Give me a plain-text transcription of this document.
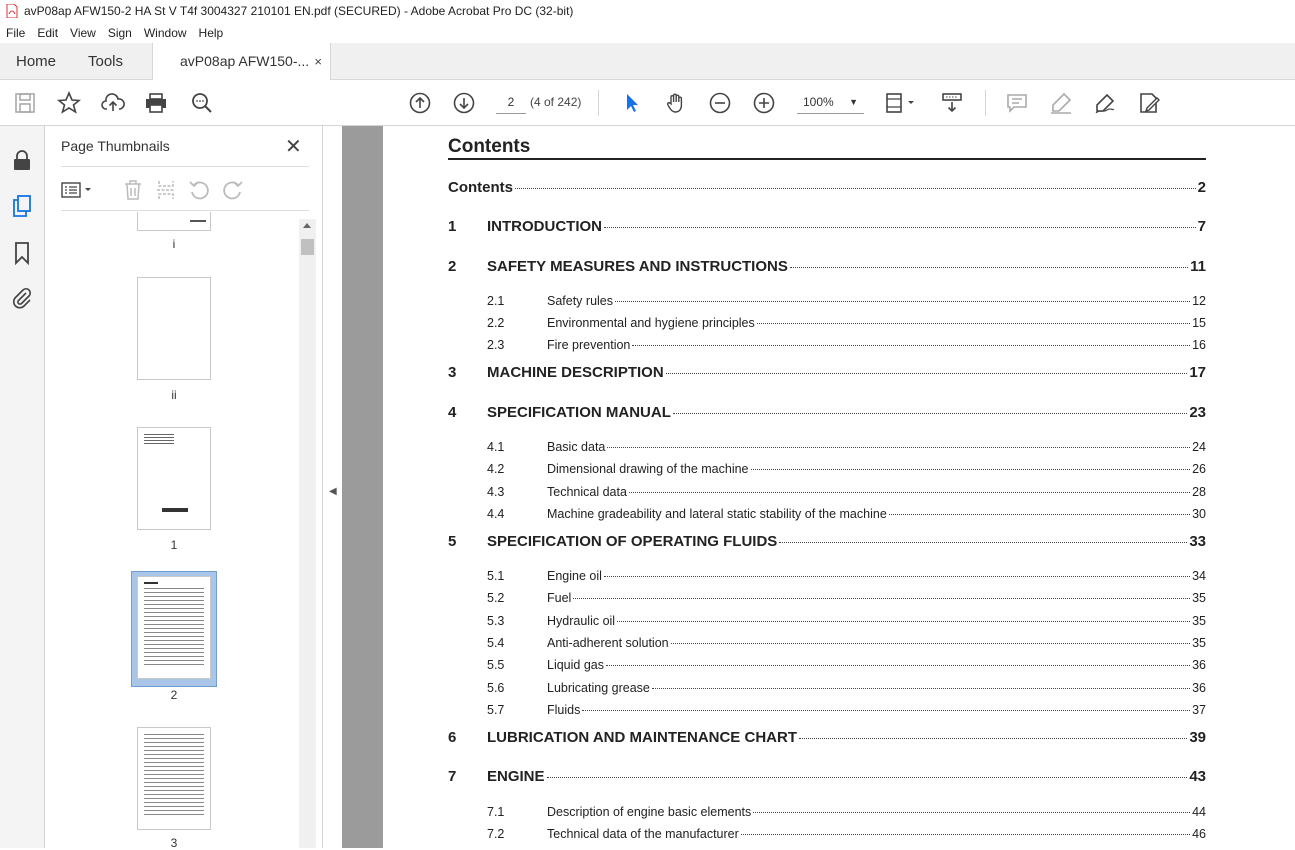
avP08ap AFW150-2 HA St V T4f 3004327 210101 EN.pdf (SECURED) - Adobe Acrobat Pro DC (32-bit)
File	Edit	View	Sign	Window	Help
Home Tools	avP08ap AFW150-... ×
2	(4 of 242)	100% ▼
Page Thumbnails	✕
i
ii
1
2
3
◀
Contents
Contents	2
1	INTRODUCTION	7
2	SAFETY MEASURES AND INSTRUCTIONS	11
2.1	Safety rules	12
2.2	Environmental and hygiene principles	15
2.3	Fire prevention	16
3	MACHINE DESCRIPTION	17
4	SPECIFICATION MANUAL	23
4.1	Basic data	24
4.2	Dimensional drawing of the machine	26
4.3	Technical data	28
4.4	Machine gradeability and lateral static stability of the machine	30
5	SPECIFICATION OF OPERATING FLUIDS	33
5.1	Engine oil	34
5.2	Fuel	35
5.3	Hydraulic oil	35
5.4	Anti-adherent solution	35
5.5	Liquid gas	36
5.6	Lubricating grease	36
5.7	Fluids	37
6	LUBRICATION AND MAINTENANCE CHART	39
7	ENGINE	43
7.1	Description of engine basic elements	44
7.2	Technical data of the manufacturer	46
